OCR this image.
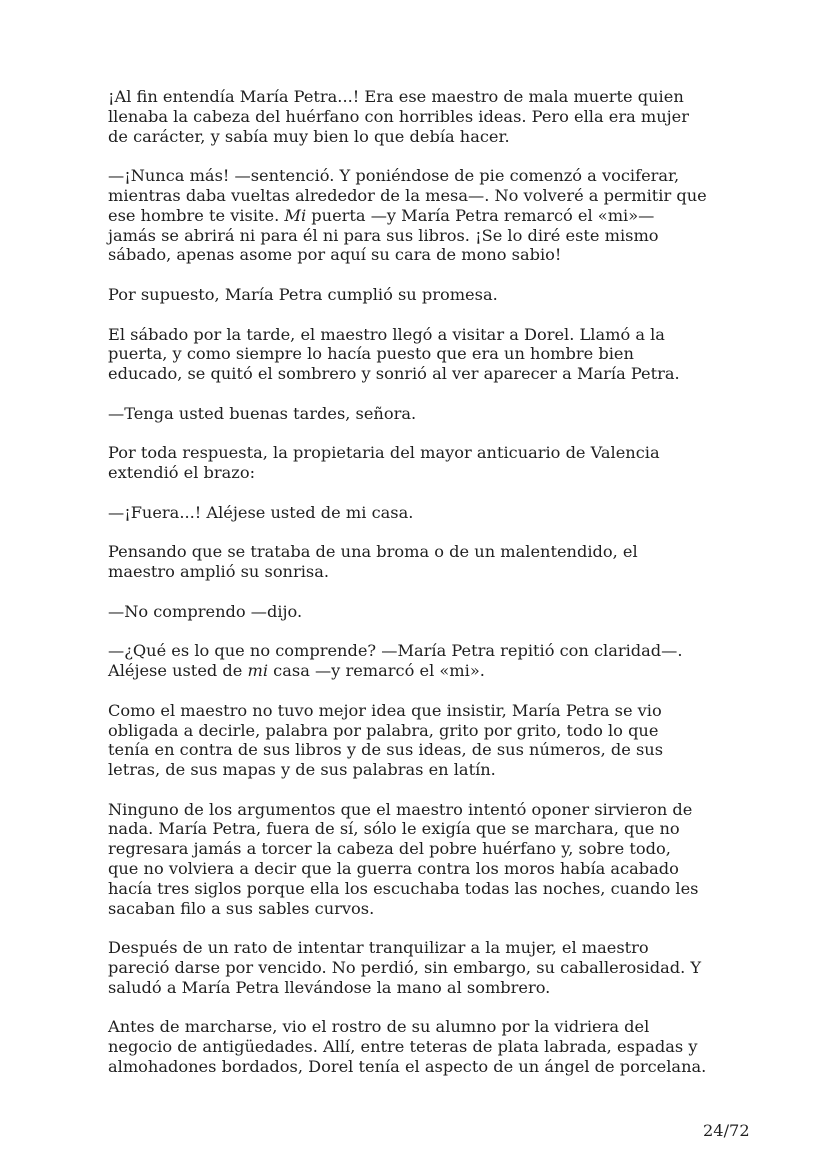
¡Al fin entendía María Petra...! Era ese maestro de mala muerte quien
llenaba la cabeza del huérfano con horribles ideas. Pero ella era mujer
de carácter, y sabía muy bien lo que debía hacer.

—¡Nunca más! —sentenció. Y poniéndose de pie comenzó a vociferar,
mientras daba vueltas alrededor de la mesa—. No volveré a permitir que
ese hombre te visite. Mi puerta —y María Petra remarcó el «mi»—
jamás se abrirá ni para él ni para sus libros. ¡Se lo diré este mismo
sábado, apenas asome por aquí su cara de mono sabio!

Por supuesto, María Petra cumplió su promesa.

El sábado por la tarde, el maestro llegó a visitar a Dorel. Llamó a la
puerta, y como siempre lo hacía puesto que era un hombre bien
educado, se quitó el sombrero y sonrió al ver aparecer a María Petra.

—Tenga usted buenas tardes, señora.

Por toda respuesta, la propietaria del mayor anticuario de Valencia
extendió el brazo:

—¡Fuera...! Aléjese usted de mi casa.

Pensando que se trataba de una broma o de un malentendido, el
maestro amplió su sonrisa.

—No comprendo —dijo.

—¿Qué es lo que no comprende? —María Petra repitió con claridad—.
Aléjese usted de mi casa —y remarcó el «mi».

Como el maestro no tuvo mejor idea que insistir, María Petra se vio
obligada a decirle, palabra por palabra, grito por grito, todo lo que
tenía en contra de sus libros y de sus ideas, de sus números, de sus
letras, de sus mapas y de sus palabras en latín.

Ninguno de los argumentos que el maestro intentó oponer sirvieron de
nada. María Petra, fuera de sí, sólo le exigía que se marchara, que no
regresara jamás a torcer la cabeza del pobre huérfano y, sobre todo,
que no volviera a decir que la guerra contra los moros había acabado
hacía tres siglos porque ella los escuchaba todas las noches, cuando les
sacaban filo a sus sables curvos.

Después de un rato de intentar tranquilizar a la mujer, el maestro
pareció darse por vencido. No perdió, sin embargo, su caballerosidad. Y
saludó a María Petra llevándose la mano al sombrero.

Antes de marcharse, vio el rostro de su alumno por la vidriera del
negocio de antigüedades. Allí, entre teteras de plata labrada, espadas y
almohadones bordados, Dorel tenía el aspecto de un ángel de porcelana.

24/72
